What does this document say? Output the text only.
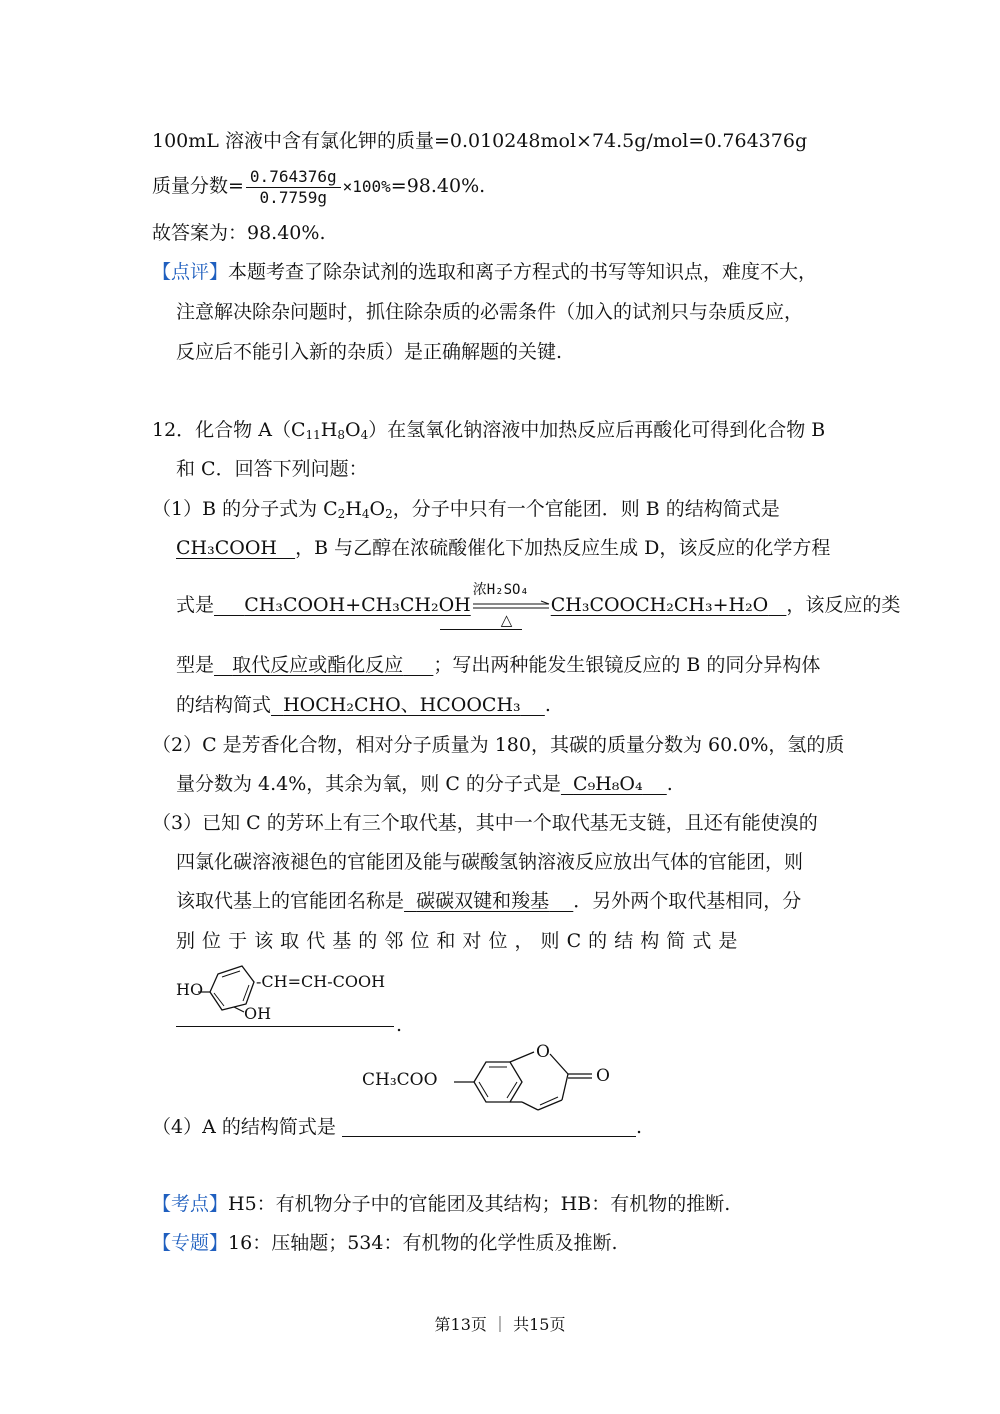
100mL 溶液中含有氯化钾的质量=0.010248mol×74.5g/mol=0.764376g
质量分数= $\frac{0.764376g}{0.7759g} \times 100\%=98.40\%$.
故答案为：98.40%.
【点评】本题考查了除杂试剂的选取和离子方程式的书写等知识点，难度不大，
注意解决除杂问题时，抓住除杂质的必需条件（加入的试剂只与杂质反应，
反应后不能引入新的杂质）是正确解题的关键.
12．化合物 $A(C_{11}H_8O_4)$在氢氧化钠溶液中加热反应后再酸化可得到化合物 B
和 C．回答下列问题：
（1）B 的分子式为 $C_2H_4O_2$，分子中只有一个官能团．则 B 的结构简式是
CH₃COOH ，B 与乙醇在浓硫酸催化下加热反应生成 D，该反应的化学方程
式是 CH₃COOH+CH₃CH₂OH
浓H₂SO₄
△
CH₃COOCH₂CH₃+H₂O ，该反应的类
型是 取代反应或酯化反应 ；写出两种能发生银镜反应的 B 的同分异构体
的结构简式 HOCH₂CHO、HCOOCH₃ .
（2）C 是芳香化合物，相对分子质量为 180，其碳的质量分数为 60.0%，氢的质
量分数为 4.4%，其余为氧，则 C 的分子式是 C₉H₈O₄ .
（3）已知 C 的芳环上有三个取代基，其中一个取代基无支链，且还有能使溴的
四氯化碳溶液褪色的官能团及能与碳酸氢钠溶液反应放出气体的官能团，则
该取代基上的官能团名称是 碳碳双键和羧基 ．另外两个取代基相同，分
别 位 于 该 取 代 基 的 邻 位 和 对 位 ， 则 C 的 结 构 简 式 是
HO	-CH=CH-COOH
OH
.
CH₃COO
O
O
（4）A 的结构简式是	.
【考点】H5：有机物分子中的官能团及其结构；HB：有机物的推断.
【专题】16：压轴题；534：有机物的化学性质及推断.
第13页 ｜ 共15页
